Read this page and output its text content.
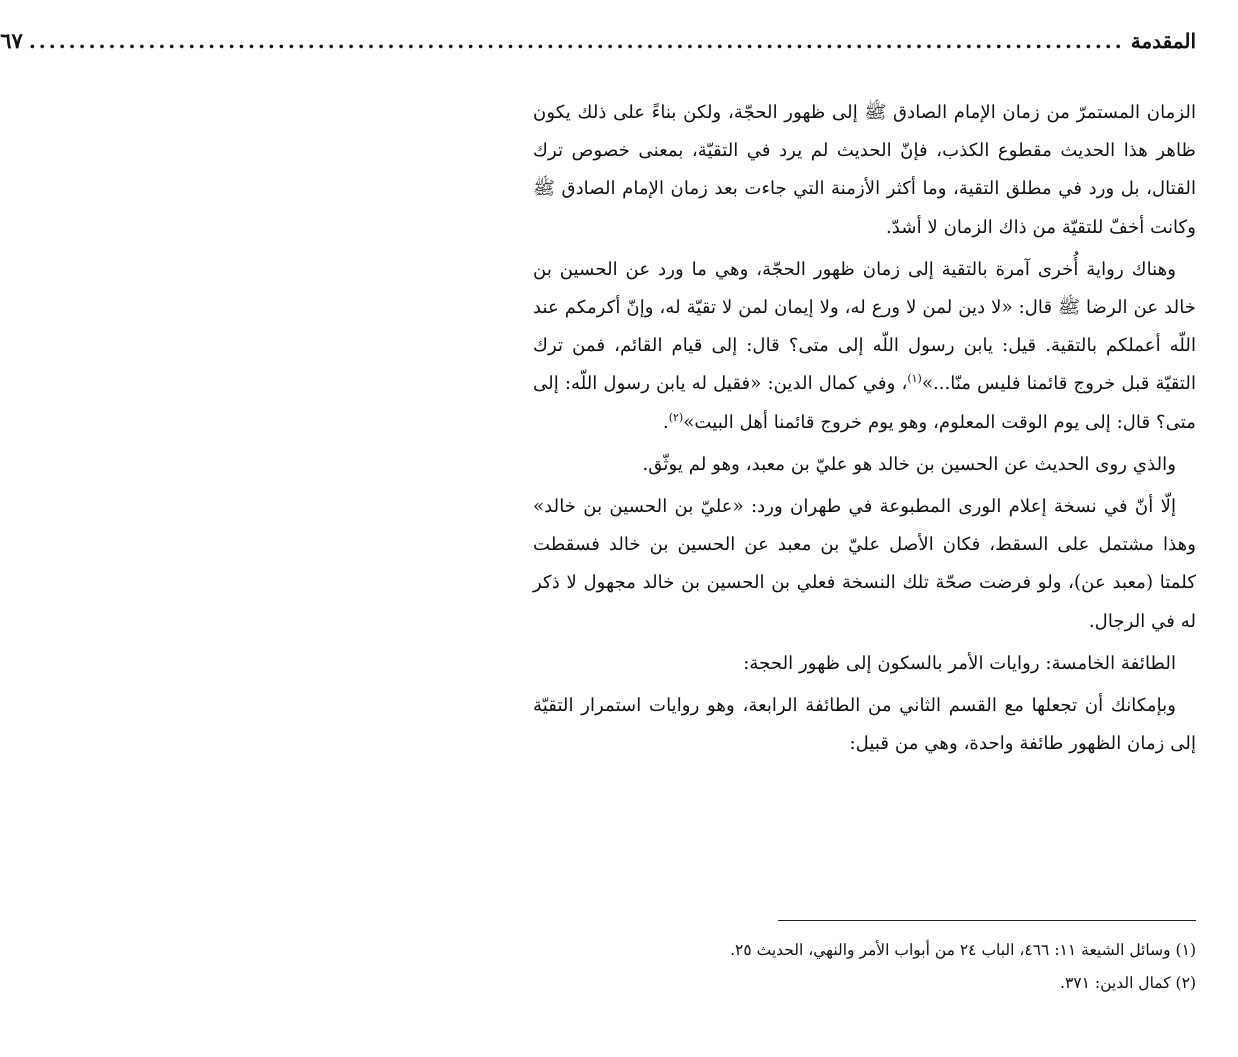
المقدمة
..............................................................................................................
٦٧

الزمان المستمرّ من زمان الإمام الصادق ﷺ إلى ظهور الحجّة، ولكن بناءً على ذلك يكون ظاهر هذا الحديث مقطوع الكذب، فإنّ الحديث لم يرد في التقيّة، بمعنى خصوص ترك القتال، بل ورد في مطلق التقية، وما أكثر الأزمنة التي جاءت بعد زمان الإمام الصادق ﷺ وكانت أخفّ للتقيّة من ذاك الزمان لا أشدّ.

وهناك رواية أُخرى آمرة بالتقية إلى زمان ظهور الحجّة، وهي ما ورد عن الحسين بن خالد عن الرضا ﷺ قال: «لا دين لمن لا ورع له، ولا إيمان لمن لا تقيّة له، وإنّ أكرمكم عند اللّه أعملكم بالتقية. قيل: يابن رسول اللّه إلى متى؟ قال: إلى قيام القائم، فمن ترك التقيّة قبل خروج قائمنا فليس منّا...»$^{(١)}$، وفي كمال الدين: «فقيل له يابن رسول اللّه: إلى متى؟ قال: إلى يوم الوقت المعلوم، وهو يوم خروج قائمنا أهل البيت»$^{(٢)}$.

والذي روى الحديث عن الحسين بن خالد هو عليّ بن معبد، وهو لم يوثّق.

إلّا أنّ في نسخة إعلام الورى المطبوعة في طهران ورد: «عليّ بن الحسين بن خالد» وهذا مشتمل على السقط، فكان الأصل عليّ بن معبد عن الحسين بن خالد فسقطت كلمتا (معبد عن)، ولو فرضت صحّة تلك النسخة فعلي بن الحسين بن خالد مجهول لا ذكر له في الرجال.

الطائفة الخامسة: روايات الأمر بالسكون إلى ظهور الحجة:

وبإمكانك أن تجعلها مع القسم الثاني من الطائفة الرابعة، وهو روايات استمرار التقيّة إلى زمان الظهور طائفة واحدة، وهي من قبيل:

(١) وسائل الشيعة ١١: ٤٦٦، الباب ٢٤ من أبواب الأمر والنهي، الحديث ٢٥.

(٢) كمال الدين: ٣٧١.
